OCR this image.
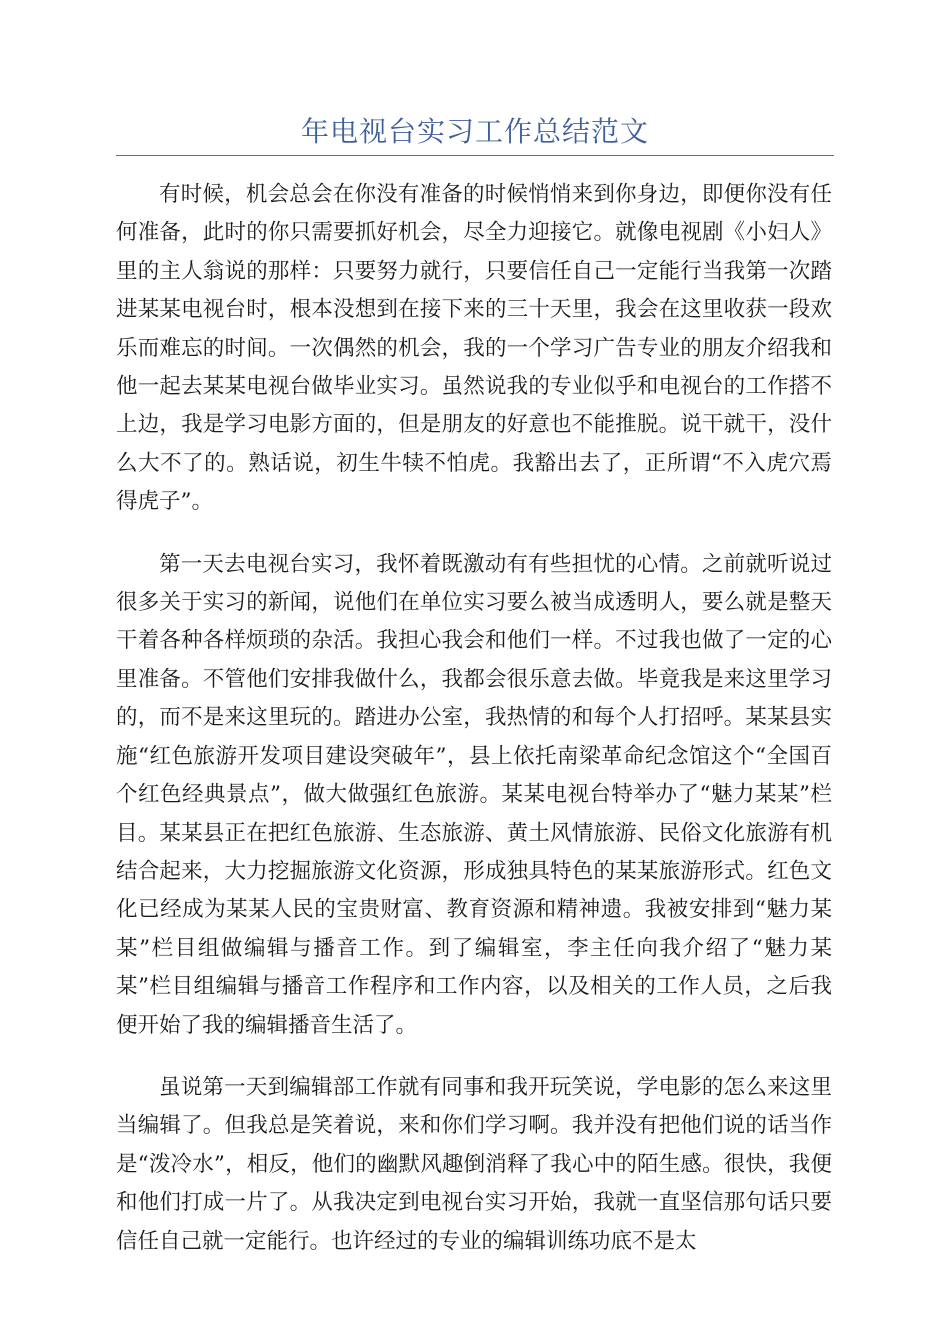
年电视台实习工作总结范文

有时候，机会总会在你没有准备的时候悄悄来到你身边，即便你没有任何准备，此时的你只需要抓好机会，尽全力迎接它。就像电视剧《小妇人》里的主人翁说的那样：只要努力就行，只要信任自己一定能行当我第一次踏进某某电视台时，根本没想到在接下来的三十天里，我会在这里收获一段欢乐而难忘的时间。一次偶然的机会，我的一个学习广告专业的朋友介绍我和他一起去某某电视台做毕业实习。虽然说我的专业似乎和电视台的工作搭不上边，我是学习电影方面的，但是朋友的好意也不能推脱。说干就干，没什么大不了的。熟话说，初生牛犊不怕虎。我豁出去了，正所谓“不入虎穴焉得虎子”。

第一天去电视台实习，我怀着既激动有有些担忧的心情。之前就听说过很多关于实习的新闻，说他们在单位实习要么被当成透明人，要么就是整天干着各种各样烦琐的杂活。我担心我会和他们一样。不过我也做了一定的心里准备。不管他们安排我做什么，我都会很乐意去做。毕竟我是来这里学习的，而不是来这里玩的。踏进办公室，我热情的和每个人打招呼。某某县实施“红色旅游开发项目建设突破年”，县上依托南梁革命纪念馆这个“全国百个红色经典景点”，做大做强红色旅游。某某电视台特举办了“魅力某某”栏目。某某县正在把红色旅游、生态旅游、黄土风情旅游、民俗文化旅游有机结合起来，大力挖掘旅游文化资源，形成独具特色的某某旅游形式。红色文化已经成为某某人民的宝贵财富、教育资源和精神遗。我被安排到“魅力某某”栏目组做编辑与播音工作。到了编辑室，李主任向我介绍了“魅力某某”栏目组编辑与播音工作程序和工作内容，以及相关的工作人员，之后我便开始了我的编辑播音生活了。

虽说第一天到编辑部工作就有同事和我开玩笑说，学电影的怎么来这里当编辑了。但我总是笑着说，来和你们学习啊。我并没有把他们说的话当作是“泼冷水”，相反，他们的幽默风趣倒消释了我心中的陌生感。很快，我便和他们打成一片了。从我决定到电视台实习开始，我就一直坚信那句话只要信任自己就一定能行。也许经过的专业的编辑训练功底不是太
